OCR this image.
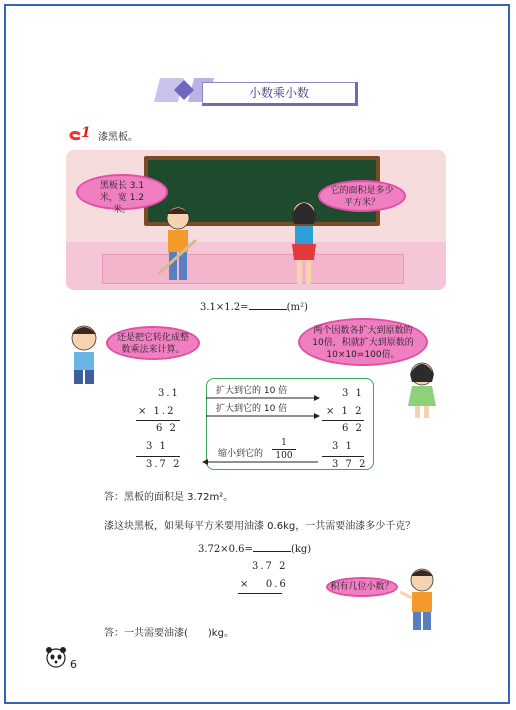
小数乘小数
1 漆黑板。
黑板长 3.1 米，宽 1.2 米。
它的面积是多少平方米？
3.1×1.2=	(m²)
还是把它转化成整数乘法来计算。
两个因数各扩大到原数的10倍，积就扩大到原数的10×10=100倍。
3.1
× 1.2
6 2
3 1
3.7 2
3 1
× 1 2
6 2
3 1
3 7 2
扩大到它的 10 倍
扩大到它的 10 倍
缩小到它的
1
100
答：黑板的面积是 3.72m²。
漆这块黑板，如果每平方米要用油漆 0.6kg，一共需要油漆多少千克？
3.72×0.6=	(kg)
3.7 2
×   0.6	积有几位小数？
答：一共需要油漆( )kg。
6
